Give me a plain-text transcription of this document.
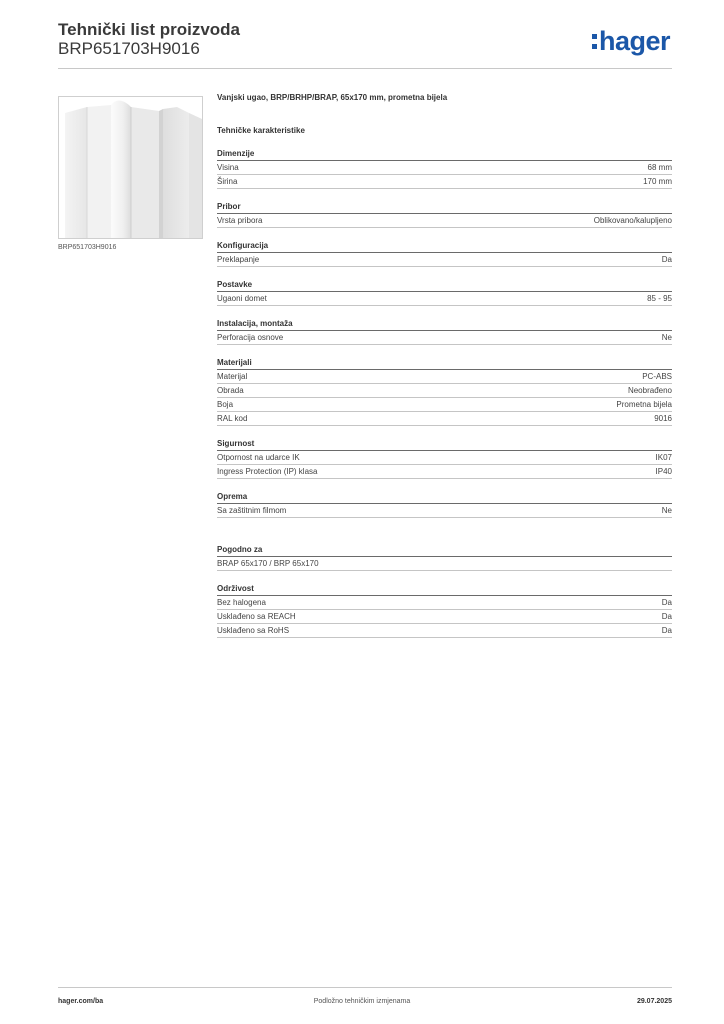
Tehnički list proizvoda
BRP651703H9016	hager
BRP651703H9016
Vanjski ugao, BRP/BRHP/BRAP, 65x170 mm, prometna bijela
Tehničke karakteristike
Dimenzije
Visina	68 mm
Širina	170 mm
Pribor
Vrsta pribora	Oblikovano/kalupljeno
Konfiguracija
Preklapanje	Da
Postavke
Ugaoni domet	85 - 95
Instalacija, montaža
Perforacija osnove	Ne
Materijali
Materijal	PC-ABS
Obrada	Neobrađeno
Boja	Prometna bijela
RAL kod	9016
Sigurnost
Otpornost na udarce IK	IK07
Ingress Protection (IP) klasa	IP40
Oprema
Sa zaštitnim filmom	Ne
Pogodno za
BRAP 65x170 / BRP 65x170
Održivost
Bez halogena	Da
Usklađeno sa REACH	Da
Usklađeno sa RoHS	Da
hager.com/ba	Podložno tehničkim izmjenama	29.07.2025
